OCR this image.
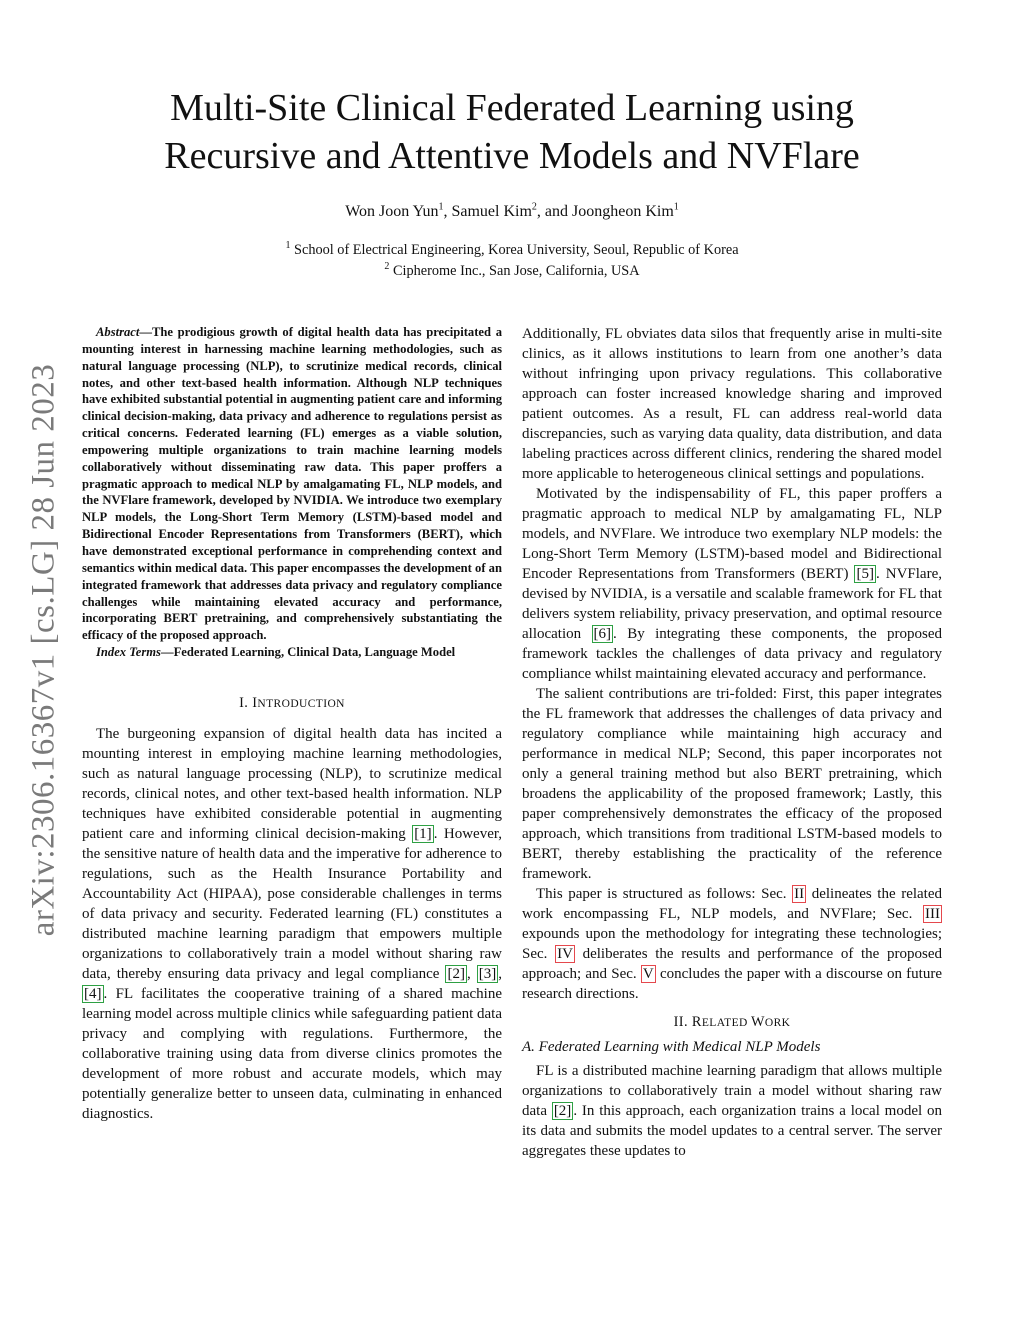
arXiv:2306.16367v1 [cs.LG] 28 Jun 2023
Multi-Site Clinical Federated Learning using
Recursive and Attentive Models and NVFlare
Won Joon Yun$^1$, Samuel Kim$^2$, and Joongheon Kim$^1$
$^1$ School of Electrical Engineering, Korea University, Seoul, Republic of Korea
$^2$ Cipherome Inc., San Jose, California, USA

Abstract—The prodigious growth of digital health data has precipitated a mounting interest in harnessing machine learning methodologies, such as natural language processing (NLP), to scrutinize medical records, clinical notes, and other text-based health information. Although NLP techniques have exhibited substantial potential in augmenting patient care and informing clinical decision-making, data privacy and adherence to regulations persist as critical concerns. Federated learning (FL) emerges as a viable solution, empowering multiple organizations to train machine learning models collaboratively without disseminating raw data. This paper proffers a pragmatic approach to medical NLP by amalgamating FL, NLP models, and the NVFlare framework, developed by NVIDIA. We introduce two exemplary NLP models, the Long-Short Term Memory (LSTM)-based model and Bidirectional Encoder Representations from Transformers (BERT), which have demonstrated exceptional performance in comprehending context and semantics within medical data. This paper encompasses the development of an integrated framework that addresses data privacy and regulatory compliance challenges while maintaining elevated accuracy and performance, incorporating BERT pretraining, and comprehensively substantiating the efficacy of the proposed approach.

Index Terms—Federated Learning, Clinical Data, Language Model

I. INTRODUCTION

The burgeoning expansion of digital health data has incited a mounting interest in employing machine learning methodologies, such as natural language processing (NLP), to scrutinize medical records, clinical notes, and other text-based health information. NLP techniques have exhibited considerable potential in augmenting patient care and informing clinical decision-making [1] . However, the sensitive nature of health data and the imperative for adherence to regulations, such as the Health Insurance Portability and Accountability Act (HIPAA), pose considerable challenges in terms of data privacy and security. Federated learning (FL) constitutes a distributed machine learning paradigm that empowers multiple organizations to collaboratively train a model without sharing raw data, thereby ensuring data privacy and legal compliance [2] , [3] , [4] . FL facilitates the cooperative training of a shared machine learning model across multiple clinics while safeguarding patient data privacy and complying with regulations. Furthermore, the collaborative training using data from diverse clinics promotes the development of more robust and accurate models, which may potentially generalize better to unseen data, culminating in enhanced diagnostics.

Additionally, FL obviates data silos that frequently arise in multi-site clinics, as it allows institutions to learn from one another’s data without infringing upon privacy regulations. This collaborative approach can foster increased knowledge sharing and improved patient outcomes. As a result, FL can address real-world data discrepancies, such as varying data quality, data distribution, and data labeling practices across different clinics, rendering the shared model more applicable to heterogeneous clinical settings and populations.

Motivated by the indispensability of FL, this paper proffers a pragmatic approach to medical NLP by amalgamating FL, NLP models, and NVFlare. We introduce two exemplary NLP models: the Long-Short Term Memory (LSTM)-based model and Bidirectional Encoder Representations from Transformers (BERT) [5] . NVFlare, devised by NVIDIA, is a versatile and scalable framework for FL that delivers system reliability, privacy preservation, and optimal resource allocation [6] . By integrating these components, the proposed framework tackles the challenges of data privacy and regulatory compliance whilst maintaining elevated accuracy and performance.

The salient contributions are tri-folded: First, this paper integrates the FL framework that addresses the challenges of data privacy and regulatory compliance while maintaining high accuracy and performance in medical NLP; Second, this paper incorporates not only a general training method but also BERT pretraining, which broadens the applicability of the proposed framework; Lastly, this paper comprehensively demonstrates the efficacy of the proposed approach, which transitions from traditional LSTM-based models to BERT, thereby establishing the practicality of the reference framework.

This paper is structured as follows: Sec. II delineates the related work encompassing FL, NLP models, and NVFlare; Sec. III expounds upon the methodology for integrating these technologies; Sec. IV deliberates the results and performance of the proposed approach; and Sec. V concludes the paper with a discourse on future research directions.

II. RELATED WORK

A. Federated Learning with Medical NLP Models

FL is a distributed machine learning paradigm that allows multiple organizations to collaboratively train a model without sharing raw data [2] . In this approach, each organization trains a local model on its data and submits the model updates to a central server. The server aggregates these updates to
